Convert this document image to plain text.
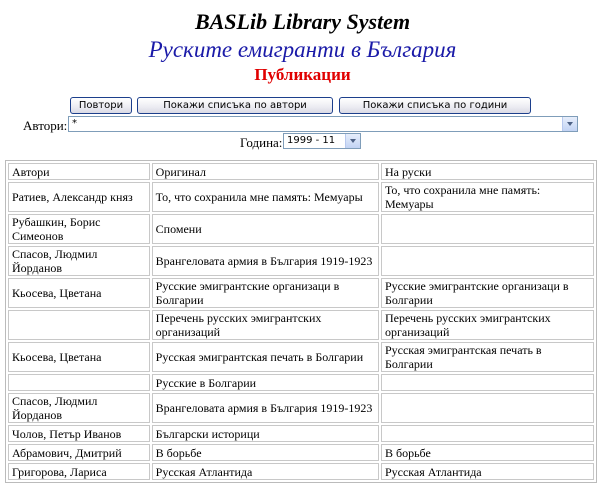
BASLib Library System
Руските емигранти в България
Публикации
Повтори	Покажи списъка по автори	Покажи списъка по години
Автори: *
Година: 1999 - 11
Автори	Оригинал	На руски
Ратиев, Александр княз	То, что сохранила мне память: Мемуары	То, что сохранила мне память: Мемуары
Рубашкин, Борис Симеонов	Спомени	
Спасов, Людмил Йорданов	Врангеловата армия в България 1919-1923	
Кьосева, Цветана	Русские эмигрантские организаци в Болгарии	Русские эмигрантские организаци в Болгарии
	Перечень русских эмигрантских организаций	Перечень русских эмигрантских организаций
Кьосева, Цветана	Русская эмигрантская печать в Болгарии	Русская эмигрантская печать в Болгарии
	Русские в Болгарии	
Спасов, Людмил Йорданов	Врангеловата армия в България 1919-1923	
Чолов, Петър Иванов	Български историци	
Абрамович, Дмитрий	В борьбе	В борьбе
Григорова, Лариса	Русская Атлантида	Русская Атлантида
